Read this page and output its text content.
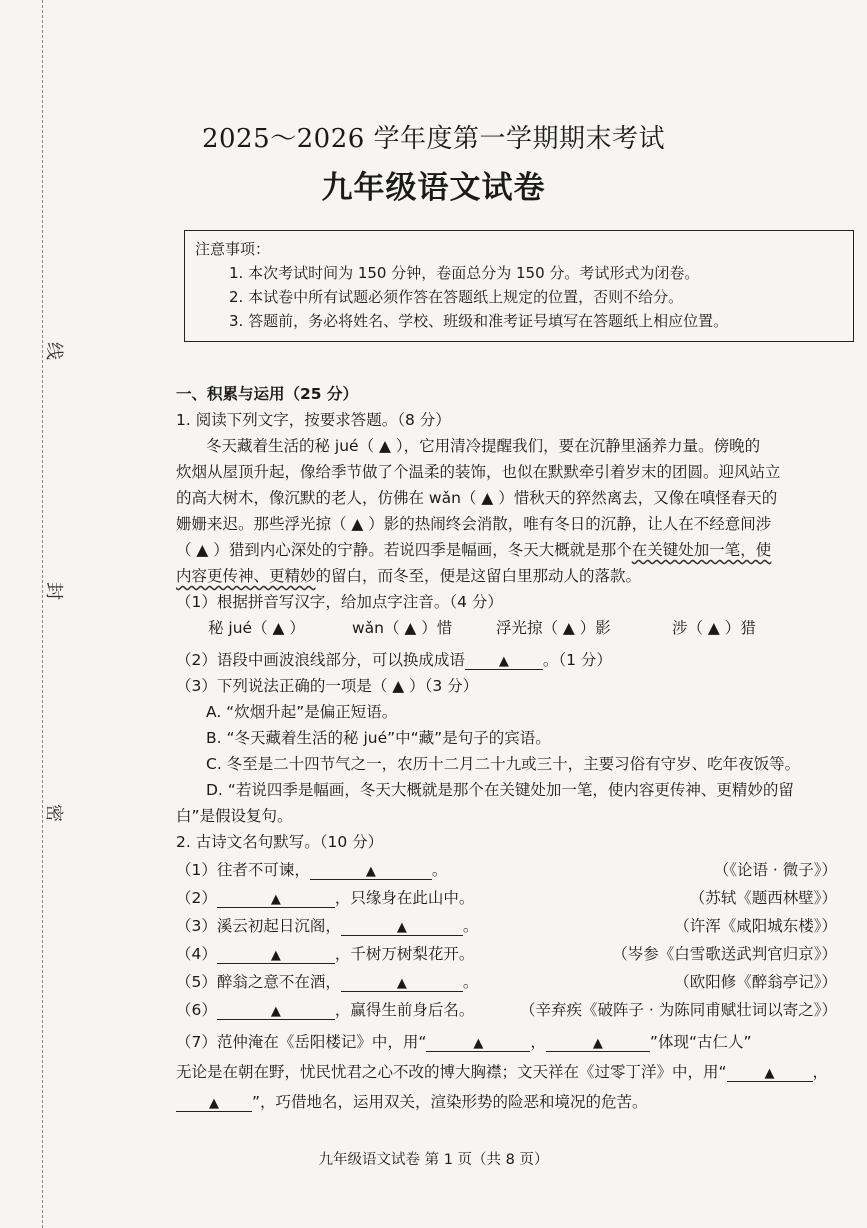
线
封
密
2025～2026 学年度第一学期期末考试
九年级语文试卷
注意事项：
1. 本次考试时间为 150 分钟，卷面总分为 150 分。考试形式为闭卷。
2. 本试卷中所有试题必须作答在答题纸上规定的位置，否则不给分。
3. 答题前，务必将姓名、学校、班级和准考证号填写在答题纸上相应位置。
一、积累与运用（25 分）
1. 阅读下列文字，按要求答题。（8 分）
冬天藏着生活的秘 jué（ ▲ ），它用清冷提醒我们，要在沉静里涵养力量。傍晚的
炊烟从屋顶升起，像给季节做了个温柔的装饰，也似在默默牵引着岁末的团圆。迎风站立
的高大树木，像沉默的老人，仿佛在 wǎn（ ▲ ）惜秋天的猝然离去，又像在嗔怪春天的
姗姗来迟。那些浮光掠（ ▲ ）影的热闹终会消散，唯有冬日的沉静，让人在不经意间涉
（ ▲ ）猎到内心深处的宁静。若说四季是幅画，冬天大概就是那个在关键处加一笔，使
内容更传神、更精妙的留白，而冬至，便是这留白里那动人的落款。
（1）根据拼音写汉字，给加点字注音。（4 分）
秘 jué（ ▲ ）	wǎn（ ▲ ）惜	浮光掠（ ▲ ）影	涉（ ▲ ）猎
（2）语段中画波浪线部分，可以换成成语	▲ 。（1 分）
（3）下列说法正确的一项是（ ▲ ）（3 分）
A. “炊烟升起”是偏正短语。
B. “冬天藏着生活的秘 jué”中“藏”是句子的宾语。
C. 冬至是二十四节气之一，农历十二月二十九或三十，主要习俗有守岁、吃年夜饭等。
D. “若说四季是幅画，冬天大概就是那个在关键处加一笔，使内容更传神、更精妙的留
白”是假设复句。
2. 古诗文名句默写。（10 分）
（1）往者不可谏，	▲	。	（《论语 · 微子》）
（2）	▲	，只缘身在此山中。	（苏轼《题西林壁》）
（3）溪云初起日沉阁，	▲	。	（许浑《咸阳城东楼》）
（4）	▲	，千树万树梨花开。	（岑参《白雪歌送武判官归京》）
（5）醉翁之意不在酒，	▲	。	（欧阳修《醉翁亭记》）
（6）	▲	，赢得生前身后名。	（辛弃疾《破阵子 · 为陈同甫赋壮词以寄之》）
（7）范仲淹在《岳阳楼记》中，用“	▲	，	▲	”体现“古仁人”
无论是在朝在野，忧民忧君之心不改的博大胸襟；文天祥在《过零丁洋》中，用“	▲ ，
▲ ”，巧借地名，运用双关，渲染形势的险恶和境况的危苦。
九年级语文试卷 第 1 页（共 8 页）
